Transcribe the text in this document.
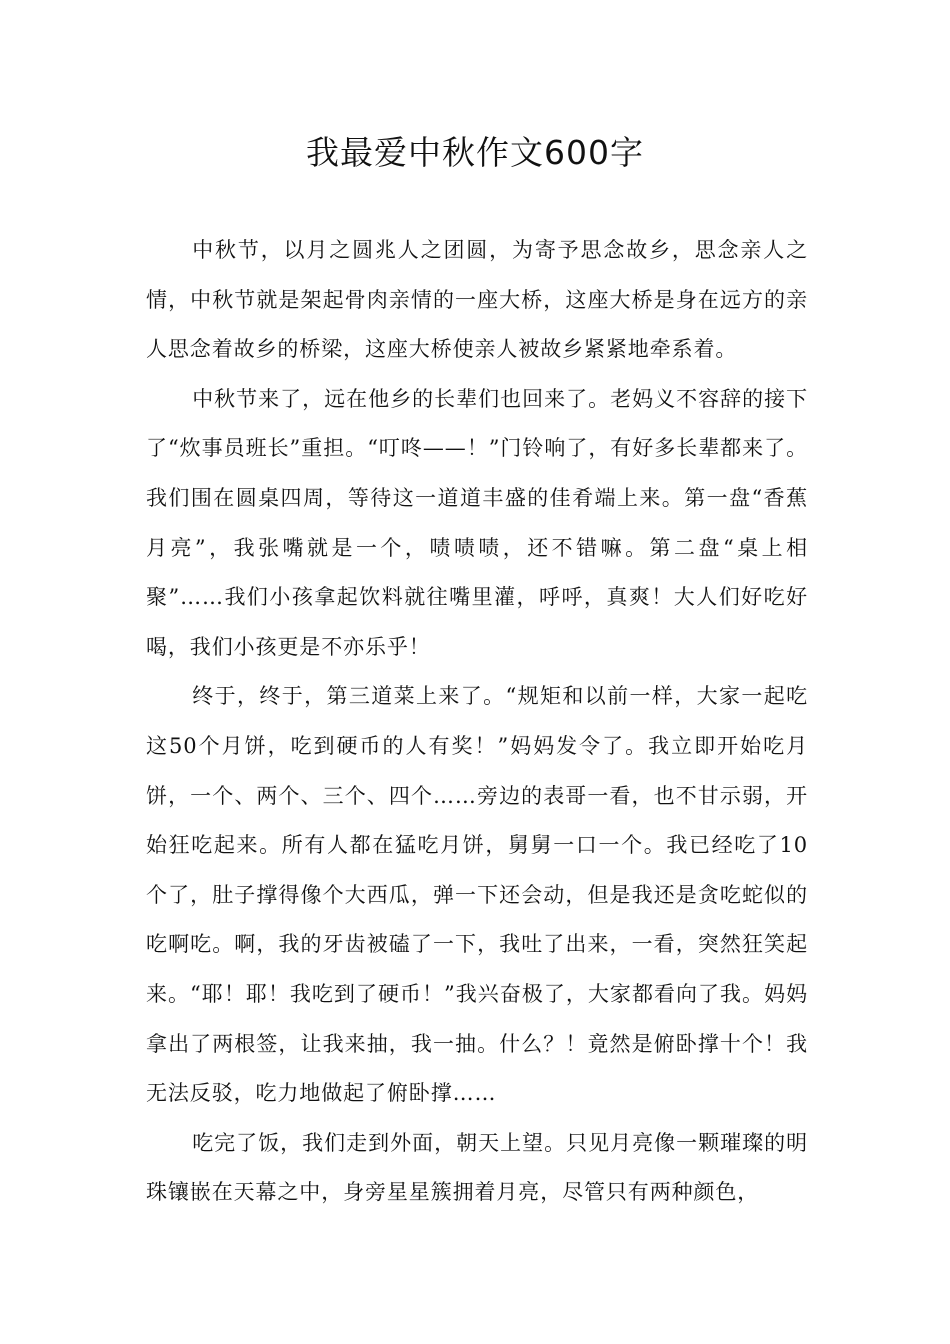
我最爱中秋作文600字

中秋节，以月之圆兆人之团圆，为寄予思念故乡，思念亲人之情，中秋节就是架起骨肉亲情的一座大桥，这座大桥是身在远方的亲人思念着故乡的桥梁，这座大桥使亲人被故乡紧紧地牵系着。

中秋节来了，远在他乡的长辈们也回来了。老妈义不容辞的接下了“炊事员班长”重担。“叮咚——！”门铃响了，有好多长辈都来了。我们围在圆桌四周，等待这一道道丰盛的佳肴端上来。第一盘“香蕉月亮”，我张嘴就是一个，啧啧啧，还不错嘛。第二盘“桌上相聚”……我们小孩拿起饮料就往嘴里灌，呼呼，真爽！大人们好吃好喝，我们小孩更是不亦乐乎！

终于，终于，第三道菜上来了。“规矩和以前一样，大家一起吃这50个月饼，吃到硬币的人有奖！”妈妈发令了。我立即开始吃月饼，一个、两个、三个、四个……旁边的表哥一看，也不甘示弱，开始狂吃起来。所有人都在猛吃月饼，舅舅一口一个。我已经吃了10个了，肚子撑得像个大西瓜，弹一下还会动，但是我还是贪吃蛇似的吃啊吃。啊，我的牙齿被磕了一下，我吐了出来，一看，突然狂笑起来。“耶！耶！我吃到了硬币！”我兴奋极了，大家都看向了我。妈妈拿出了两根签，让我来抽，我一抽。什么？！竟然是俯卧撑十个！我无法反驳，吃力地做起了俯卧撑……

吃完了饭，我们走到外面，朝天上望。只见月亮像一颗璀璨的明珠镶嵌在天幕之中，身旁星星簇拥着月亮，尽管只有两种颜色，
